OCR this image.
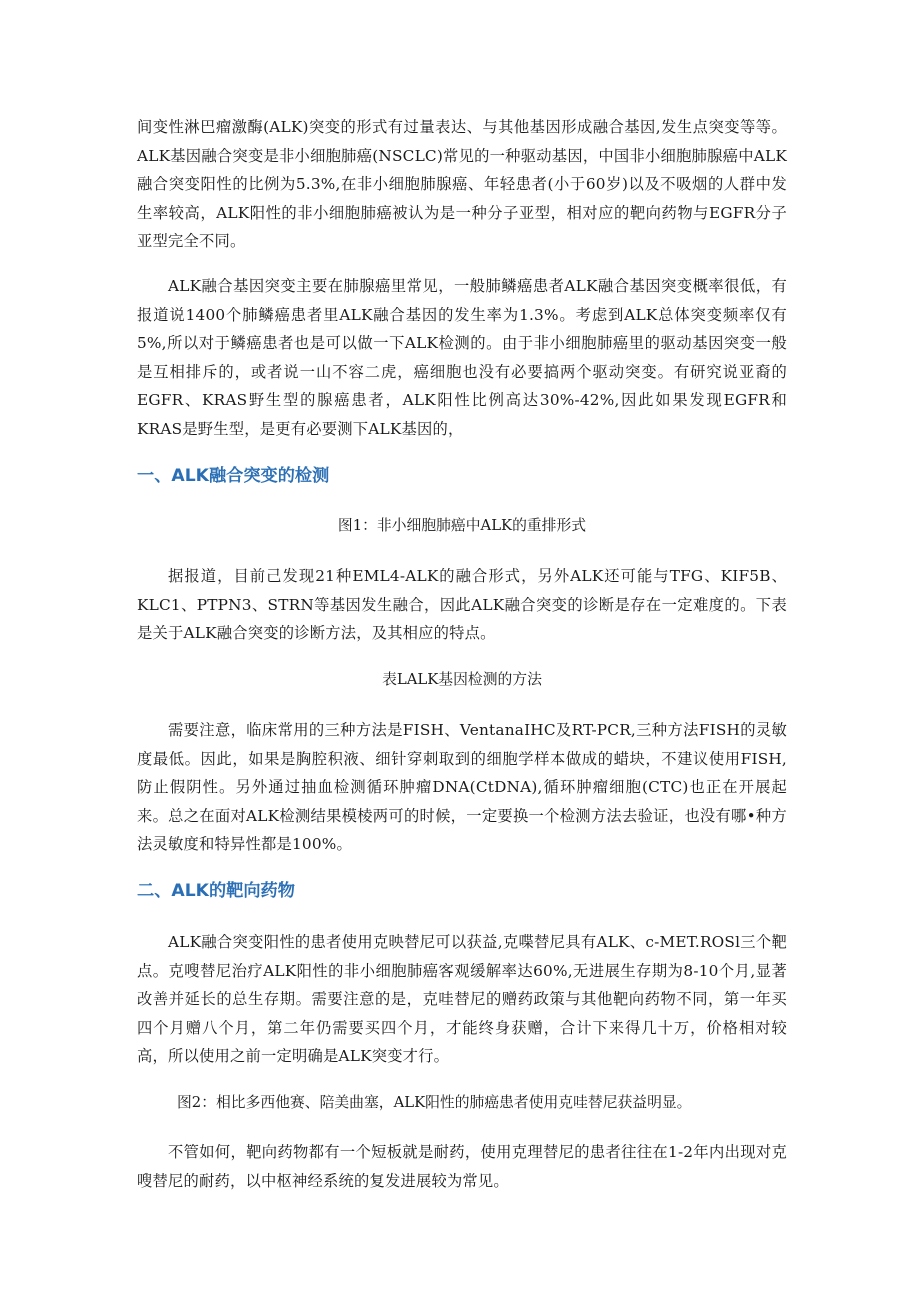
间变性淋巴瘤激酶(ALK)突变的形式有过量表达、与其他基因形成融合基因,发生点突变等等。ALK基因融合突变是非小细胞肺癌(NSCLC)常见的一种驱动基因，中国非小细胞肺腺癌中ALK融合突变阳性的比例为5.3%,在非小细胞肺腺癌、年轻患者(小于60岁)以及不吸烟的人群中发生率较高，ALK阳性的非小细胞肺癌被认为是一种分子亚型，相对应的靶向药物与EGFR分子亚型完全不同。

ALK融合基因突变主要在肺腺癌里常见，一般肺鳞癌患者ALK融合基因突变概率很低，有报道说1400个肺鳞癌患者里ALK融合基因的发生率为1.3%。考虑到ALK总体突变频率仅有5%,所以对于鳞癌患者也是可以做一下ALK检测的。由于非小细胞肺癌里的驱动基因突变一般是互相排斥的，或者说一山不容二虎，癌细胞也没有必要搞两个驱动突变。有研究说亚裔的EGFR、KRAS野生型的腺癌患者，ALK阳性比例高达30%-42%,因此如果发现EGFR和KRAS是野生型，是更有必要测下ALK基因的，

一、ALK融合突变的检测

图1：非小细胞肺癌中ALK的重排形式

据报道，目前己发现21种EML4-ALK的融合形式，另外ALK还可能与TFG、KIF5B、KLC1、PTPN3、STRN等基因发生融合，因此ALK融合突变的诊断是存在一定难度的。下表是关于ALK融合突变的诊断方法，及其相应的特点。

表LALK基因检测的方法

需要注意，临床常用的三种方法是FISH、VentanaIHC及RT-PCR,三种方法FISH的灵敏度最低。因此，如果是胸腔积液、细针穿刺取到的细胞学样本做成的蜡块，不建议使用FISH,防止假阴性。另外通过抽血检测循环肿瘤DNA(CtDNA),循环肿瘤细胞(CTC)也正在开展起来。总之在面对ALK检测结果模棱两可的时候，一定要换一个检测方法去验证，也没有哪•种方法灵敏度和特异性都是100%。

二、ALK的靶向药物

ALK融合突变阳性的患者使用克映替尼可以获益,克喋替尼具有ALK、c-MET.ROSl三个靶点。克嗖替尼治疗ALK阳性的非小细胞肺癌客观缓解率达60%,无进展生存期为8-10个月,显著改善并延长的总生存期。需要注意的是，克哇替尼的赠药政策与其他靶向药物不同，第一年买四个月赠八个月，第二年仍需要买四个月，才能终身获赠，合计下来得几十万，价格相对较高，所以使用之前一定明确是ALK突变才行。

图2：相比多西他赛、陪美曲塞，ALK阳性的肺癌患者使用克哇替尼获益明显。

不管如何，靶向药物都有一个短板就是耐药，使用克理替尼的患者往往在1-2年内出现对克嗖替尼的耐药，以中枢神经系统的复发进展较为常见。
